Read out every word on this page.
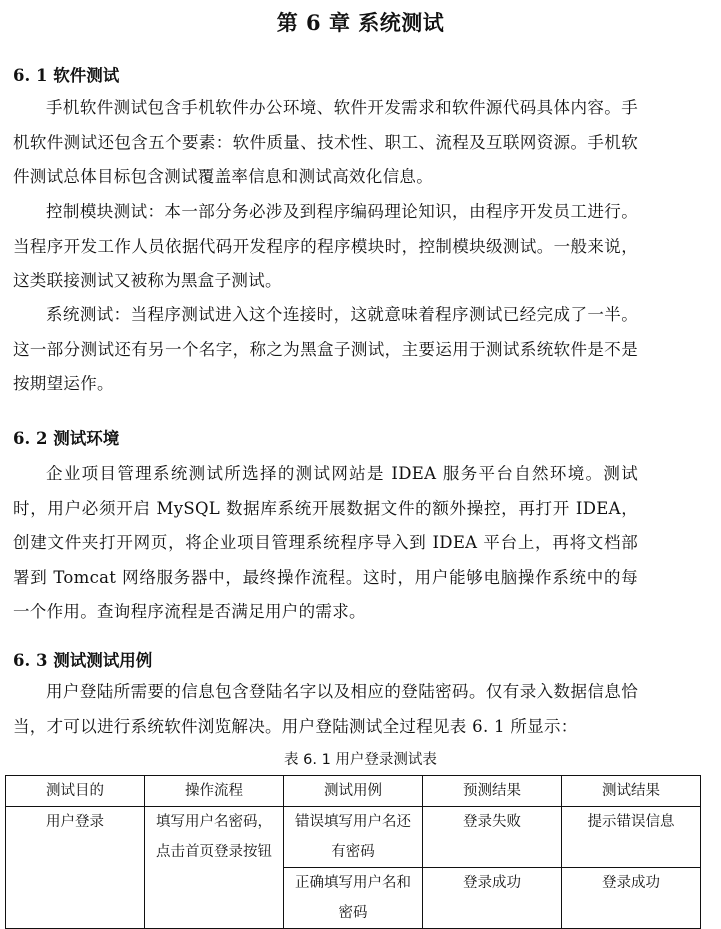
第 6 章 系统测试
6. 1 软件测试

手机软件测试包含手机软件办公环境、软件开发需求和软件源代码具体内容。手机软件测试还包含五个要素：软件质量、技术性、职工、流程及互联网资源。手机软件测试总体目标包含测试覆盖率信息和测试高效化信息。

控制模块测试：本一部分务必涉及到程序编码理论知识，由程序开发员工进行。当程序开发工作人员依据代码开发程序的程序模块时，控制模块级测试。一般来说，这类联接测试又被称为黑盒子测试。

系统测试：当程序测试进入这个连接时，这就意味着程序测试已经完成了一半。这一部分测试还有另一个名字，称之为黑盒子测试，主要运用于测试系统软件是不是按期望运作。

6. 2 测试环境

企业项目管理系统测试所选择的测试网站是 IDEA 服务平台自然环境。测试时，用户必须开启 MySQL 数据库系统开展数据文件的额外操控，再打开 IDEA，创建文件夹打开网页，将企业项目管理系统程序导入到 IDEA 平台上，再将文档部署到 Tomcat 网络服务器中，最终操作流程。这时，用户能够电脑操作系统中的每一个作用。查询程序流程是否满足用户的需求。

6. 3 测试测试用例

用户登陆所需要的信息包含登陆名字以及相应的登陆密码。仅有录入数据信息恰当，才可以进行系统软件浏览解决。用户登陆测试全过程见表 6. 1 所显示：

表 6. 1 用户登录测试表
测试目的	操作流程	测试用例	预测结果	测试结果
用户登录	填写用户名密码，点击首页登录按钮	错误填写用户名还有密码	登录失败	提示错误信息
		正确填写用户名和密码	登录成功	登录成功
